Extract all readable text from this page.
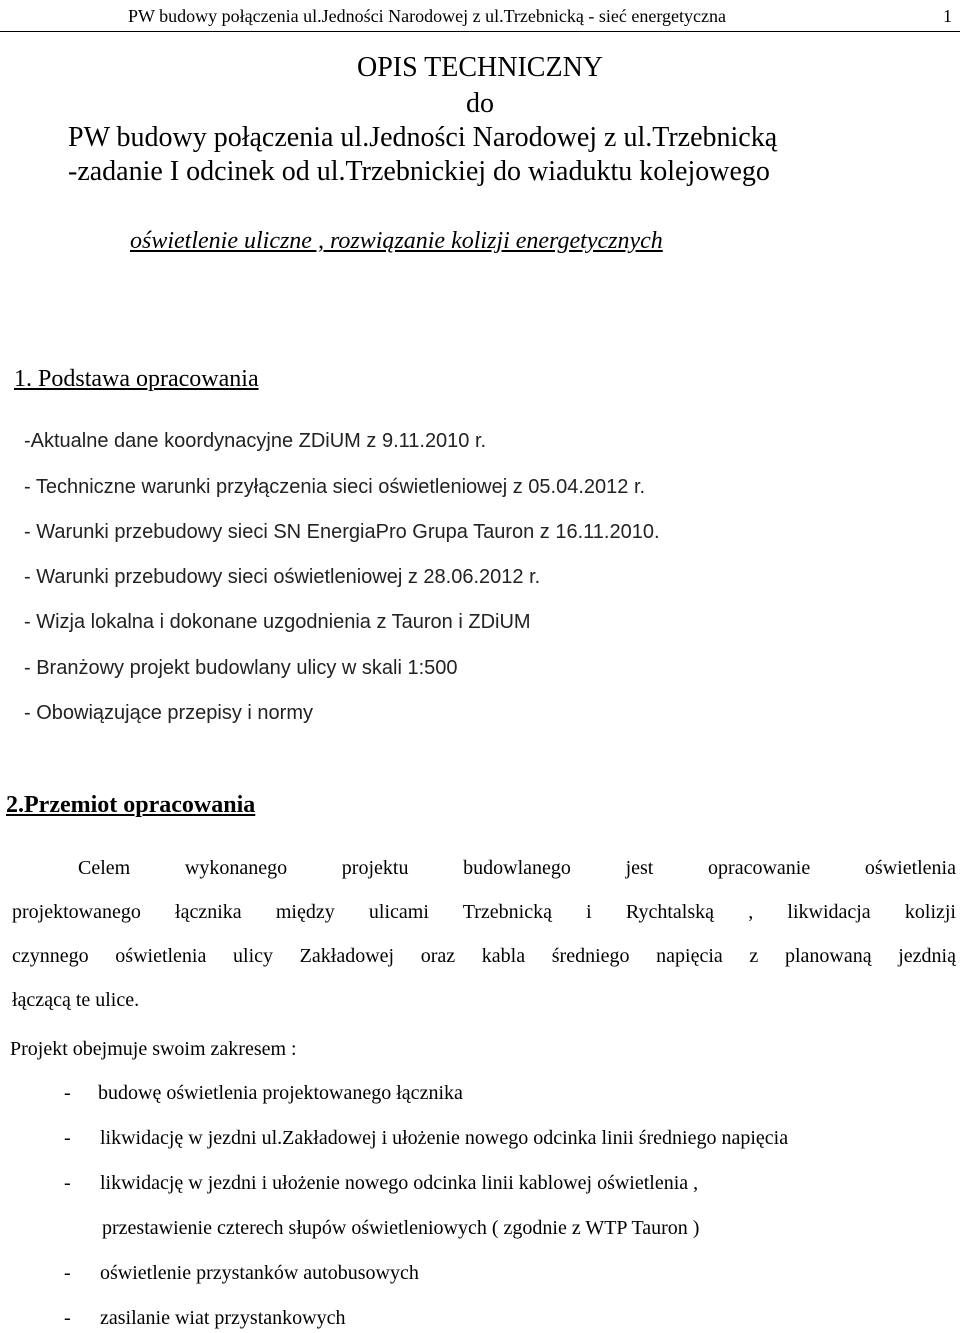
PW budowy połączenia ul.Jedności Narodowej z ul.Trzebnicką - sieć energetyczna	1
OPIS TECHNICZNY
do
PW budowy połączenia ul.Jedności Narodowej z ul.Trzebnicką
-zadanie I odcinek od ul.Trzebnickiej do wiaduktu kolejowego
oświetlenie uliczne , rozwiązanie kolizji energetycznych
1. Podstawa opracowania
-Aktualne dane koordynacyjne ZDiUM z 9.11.2010 r.
- Techniczne warunki przyłączenia sieci oświetleniowej z 05.04.2012 r.
- Warunki przebudowy sieci SN EnergiaPro Grupa Tauron z 16.11.2010.
- Warunki przebudowy sieci oświetleniowej z 28.06.2012 r.
- Wizja lokalna i dokonane uzgodnienia z Tauron i ZDiUM
- Branżowy projekt budowlany ulicy w skali 1:500
- Obowiązujące przepisy i normy
2.Przemiot opracowania
Celem wykonanego projektu budowlanego jest opracowanie oświetlenia
projektowanego łącznika między ulicami Trzebnicką i Rychtalską , likwidacja kolizji
czynnego oświetlenia ulicy Zakładowej oraz kabla średniego napięcia z planowaną jezdnią
łączącą te ulice.
Projekt obejmuje swoim zakresem :
- budowę oświetlenia projektowanego łącznika
- likwidację w jezdni ul.Zakładowej i ułożenie nowego odcinka linii średniego napięcia
- likwidację w jezdni i ułożenie nowego odcinka linii kablowej oświetlenia ,
przestawienie czterech słupów oświetleniowych ( zgodnie z WTP Tauron )
- oświetlenie przystanków autobusowych
- zasilanie wiat przystankowych
